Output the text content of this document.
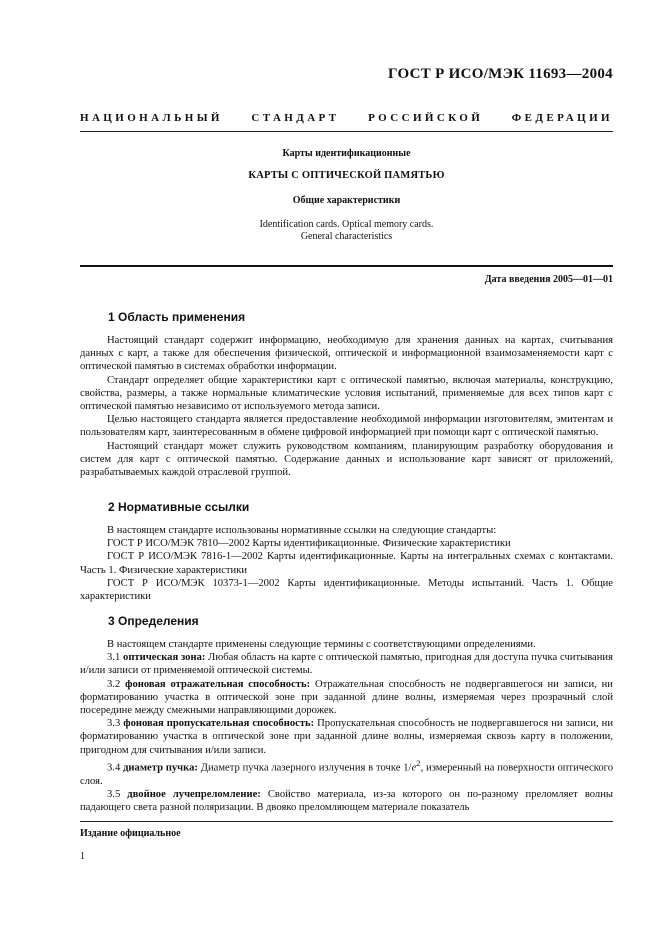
ГОСТ Р ИСО/МЭК 11693—2004
НАЦИОНАЛЬНЫЙ СТАНДАРТ РОССИЙСКОЙ ФЕДЕРАЦИИ
Карты идентификационные
КАРТЫ С ОПТИЧЕСКОЙ ПАМЯТЬЮ
Общие характеристики
Identification cards. Optical memory cards.
General characteristics
Дата введения 2005—01—01
1 Область применения

Настоящий стандарт содержит информацию, необходимую для хранения данных на картах, считывания данных с карт, а также для обеспечения физической, оптической и информационной взаимозаменяемости карт с оптической памятью в системах обработки информации.

Стандарт определяет общие характеристики карт с оптической памятью, включая материалы, конструкцию, свойства, размеры, а также нормальные климатические условия испытаний, применяемые для всех типов карт с оптической памятью независимо от используемого метода записи.

Целью настоящего стандарта является предоставление необходимой информации изготовителям, эмитентам и пользователям карт, заинтересованным в обмене цифровой информацией при помощи карт с оптической памятью.

Настоящий стандарт может служить руководством компаниям, планирующим разработку оборудования и систем для карт с оптической памятью. Содержание данных и использование карт зависят от приложений, разрабатываемых каждой отраслевой группой.

2 Нормативные ссылки

В настоящем стандарте использованы нормативные ссылки на следующие стандарты:

ГОСТ Р ИСО/МЭК 7810—2002 Карты идентификационные. Физические характеристики

ГОСТ Р ИСО/МЭК 7816-1—2002 Карты идентификационные. Карты на интегральных схемах с контактами. Часть 1. Физические характеристики

ГОСТ Р ИСО/МЭК 10373-1—2002 Карты идентификационные. Методы испытаний. Часть 1. Общие характеристики

3 Определения

В настоящем стандарте применены следующие термины с соответствующими определениями.

3.1 оптическая зона: Любая область на карте с оптической памятью, пригодная для доступа пучка считывания и/или записи от применяемой оптической системы.

3.2 фоновая отражательная способность: Отражательная способность не подвергавшегося ни записи, ни форматированию участка в оптической зоне при заданной длине волны, измеряемая через прозрачный слой посередине между смежными направляющими дорожек.

3.3 фоновая пропускательная способность: Пропускательная способность не подвергавшегося ни записи, ни форматированию участка в оптической зоне при заданной длине волны, измеряемая сквозь карту в положении, пригодном для считывания и/или записи.

3.4 диаметр пучка: Диаметр пучка лазерного излучения в точке $1/e^2$, измеренный на поверхности оптического слоя.

3.5 двойное лучепреломление: Свойство материала, из-за которого он по-разному преломляет волны падающего света разной поляризации. В двояко преломляющем материале показатель

Издание официальное
1
